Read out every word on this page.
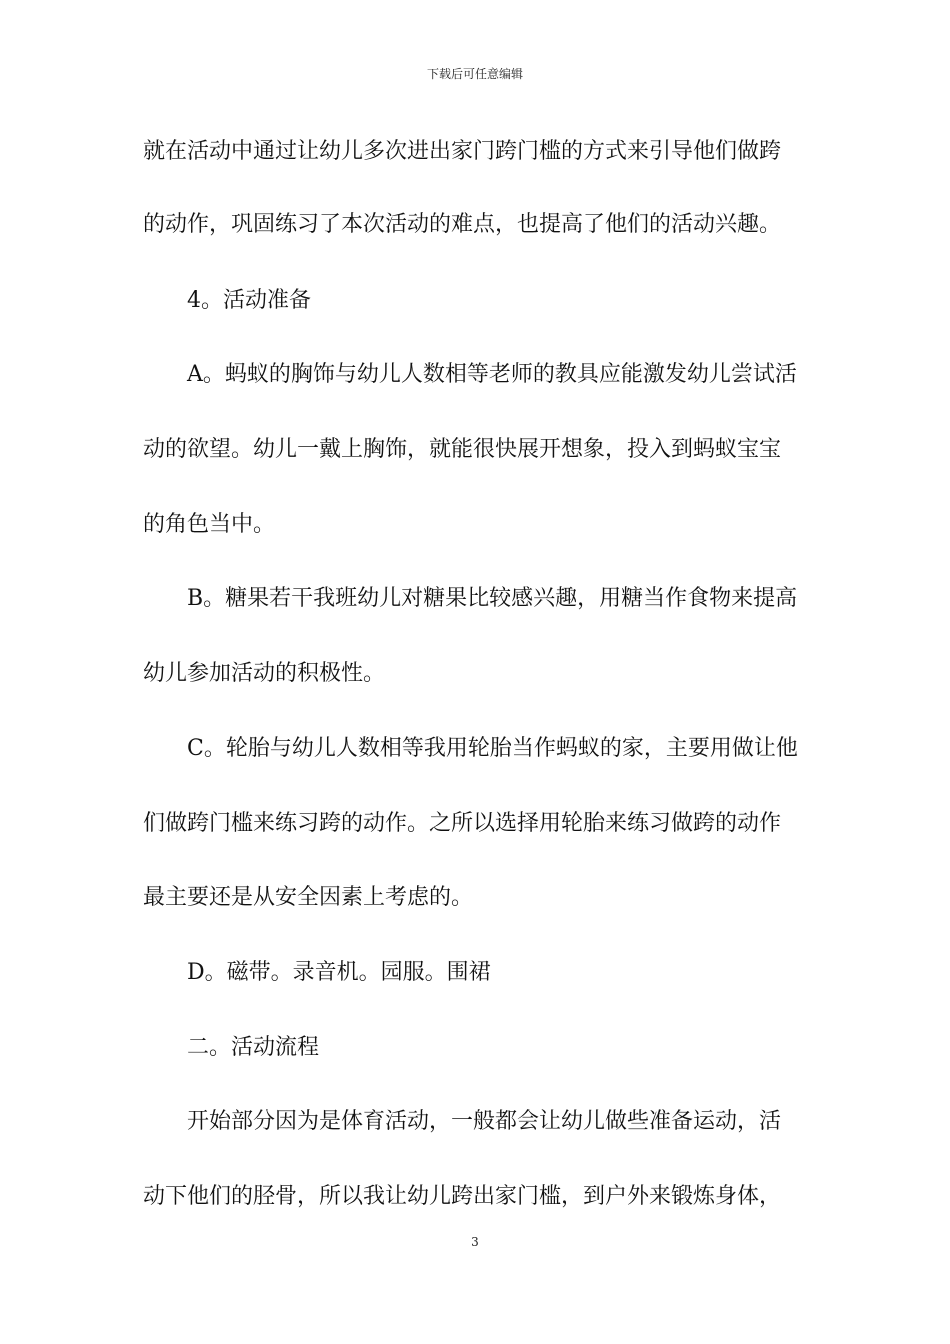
下载后可任意编辑
就在活动中通过让幼儿多次进出家门跨门槛的方式来引导他们做跨
的动作，巩固练习了本次活动的难点，也提高了他们的活动兴趣。
4。活动准备
A。蚂蚁的胸饰与幼儿人数相等老师的教具应能激发幼儿尝试活
动的欲望。幼儿一戴上胸饰，就能很快展开想象，投入到蚂蚁宝宝
的角色当中。
B。糖果若干我班幼儿对糖果比较感兴趣，用糖当作食物来提高
幼儿参加活动的积极性。
C。轮胎与幼儿人数相等我用轮胎当作蚂蚁的家，主要用做让他
们做跨门槛来练习跨的动作。之所以选择用轮胎来练习做跨的动作
最主要还是从安全因素上考虑的。
D。磁带。录音机。园服。围裙
二。活动流程
开始部分因为是体育活动，一般都会让幼儿做些准备运动，活
动下他们的胫骨，所以我让幼儿跨出家门槛，到户外来锻炼身体，
3
